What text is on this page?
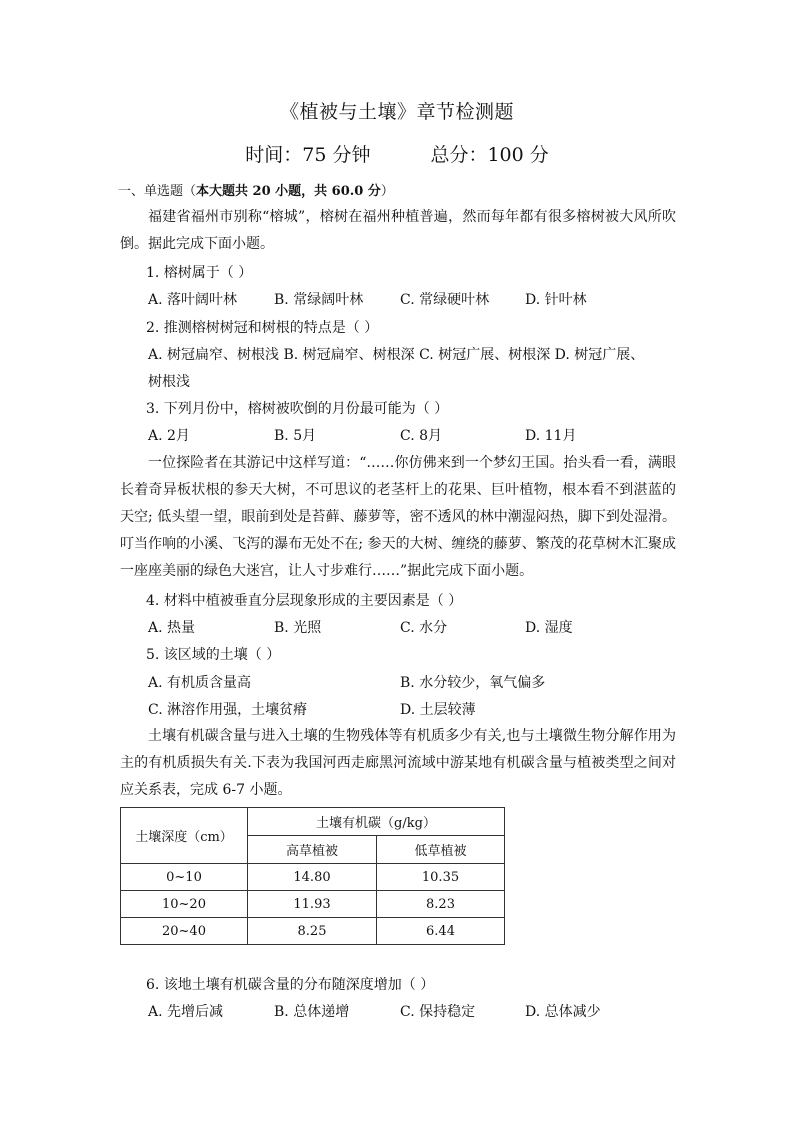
《植被与土壤》章节检测题
时间：75 分钟	总分：100 分
一、单选题（本大题共 20 小题，共 60.0 分）
福建省福州市别称“榕城”，榕树在福州种植普遍，然而每年都有很多榕树被大风所吹倒。据此完成下面小题。
1. 榕树属于（ ）
A. 落叶阔叶林	B. 常绿阔叶林	C. 常绿硬叶林	D. 针叶林
2. 推测榕树树冠和树根的特点是（ ）
A. 树冠扁窄、树根浅 B. 树冠扁窄、树根深 C. 树冠广展、树根深 D. 树冠广展、
树根浅
3. 下列月份中，榕树被吹倒的月份最可能为（ ）
A. 2月	B. 5月	C. 8月	D. 11月
一位探险者在其游记中这样写道：“……你仿佛来到一个梦幻王国。抬头看一看，满眼长着奇异板状根的参天大树，不可思议的老茎杆上的花果、巨叶植物，根本看不到湛蓝的天空; 低头望一望，眼前到处是苔藓、藤萝等，密不透风的林中潮湿闷热，脚下到处湿滑。叮当作响的小溪、飞泻的瀑布无处不在; 参天的大树、缠绕的藤萝、繁茂的花草树木汇聚成一座座美丽的绿色大迷宫，让人寸步难行……”据此完成下面小题。
4. 材料中植被垂直分层现象形成的主要因素是（ ）
A. 热量	B. 光照	C. 水分	D. 湿度
5. 该区域的土壤（ ）
A. 有机质含量高	B. 水分较少，氧气偏多
C. 淋溶作用强，土壤贫瘠	D. 土层较薄
土壤有机碳含量与进入土壤的生物残体等有机质多少有关,也与土壤微生物分解作用为主的有机质损失有关.下表为我国河西走廊黑河流域中游某地有机碳含量与植被类型之间对应关系表，完成 6-7 小题。
土壤深度（cm）	土壤有机碳（g/kg）	
	高草植被	低草植被
0~10	14.80	10.35
10~20	11.93	8.23
20~40	8.25	6.44
6. 该地土壤有机碳含量的分布随深度增加（ ）
A. 先增后减	B. 总体递增	C. 保持稳定	D. 总体减少
